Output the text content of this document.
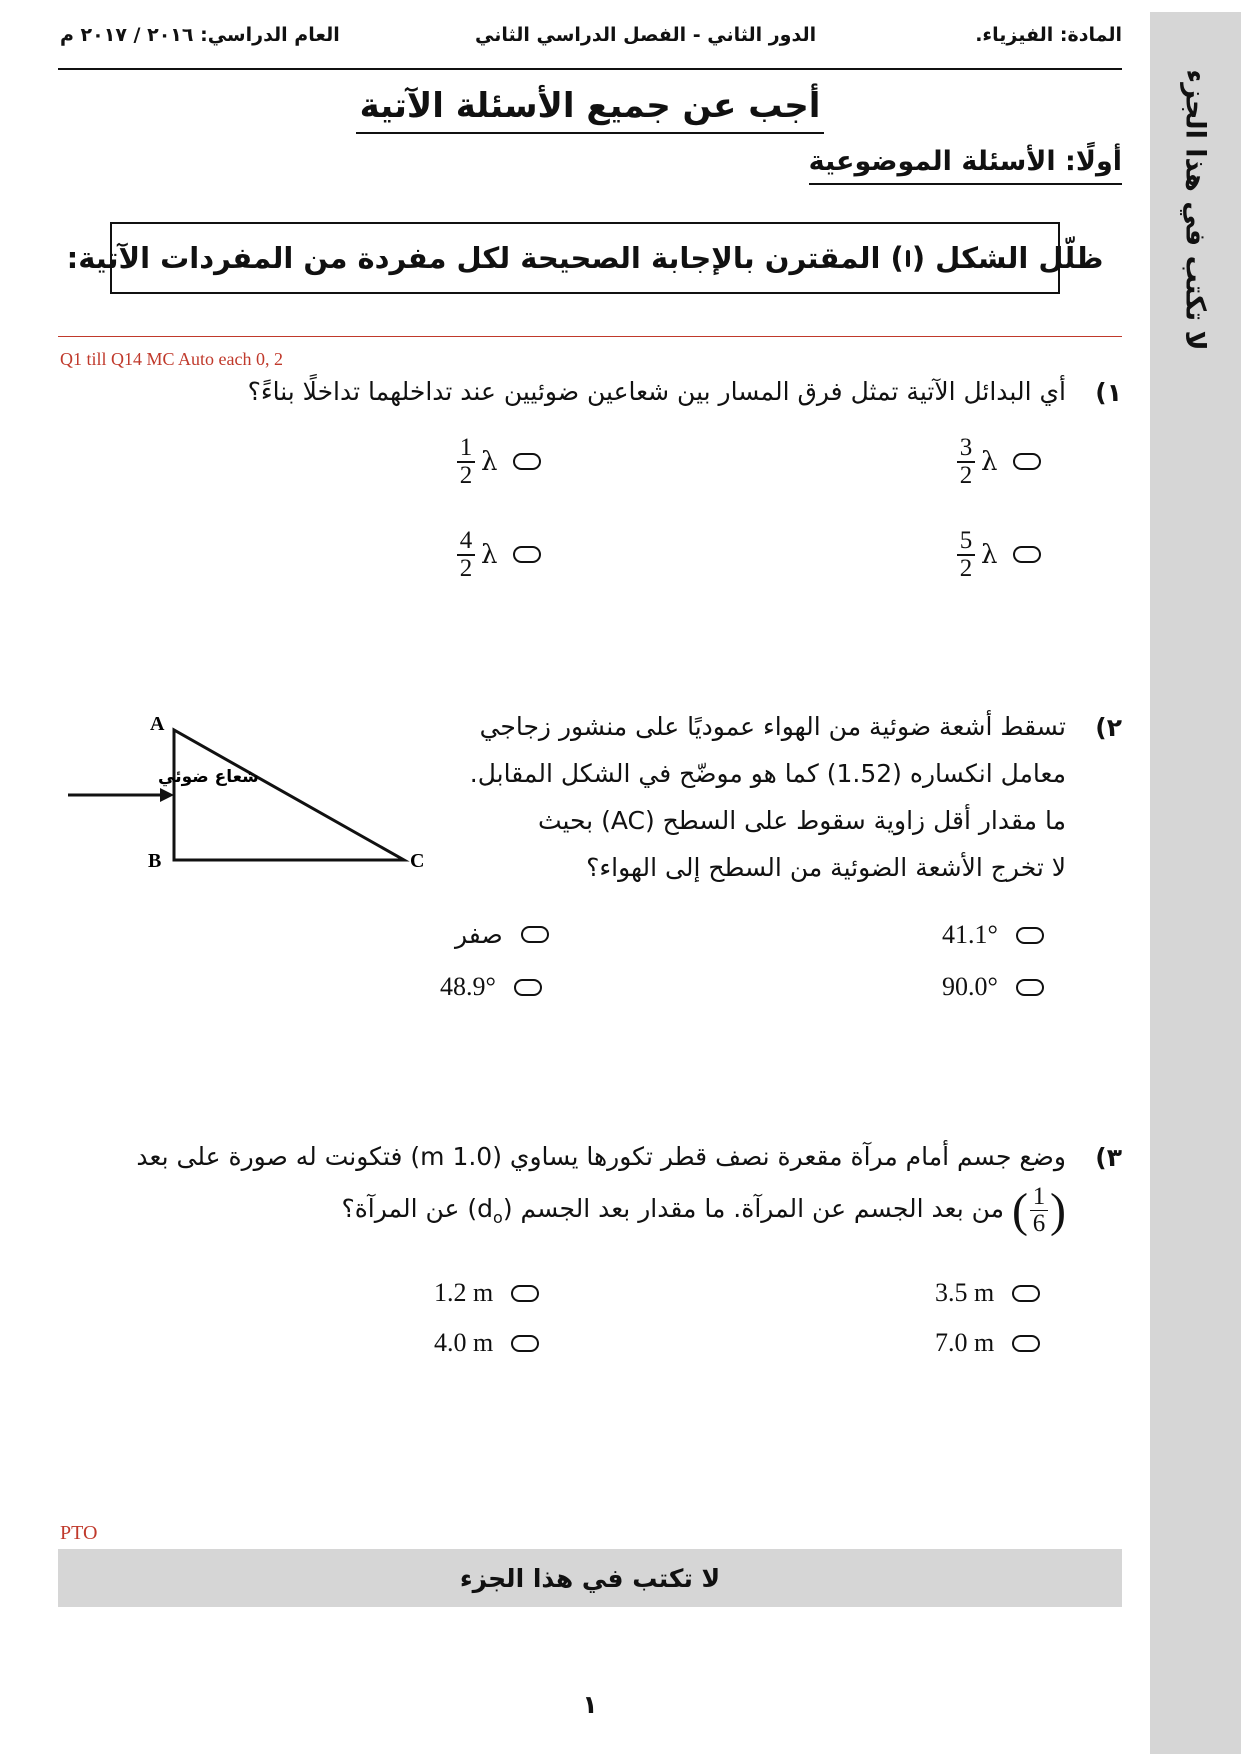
لا تكتب في هذا الجزء
المادة: الفيزياء.
الدور الثاني - الفصل الدراسي الثاني
العام الدراسي: ٢٠١٦ / ٢٠١٧ م
أجب عن جميع الأسئلة الآتية
أولًا: الأسئلة الموضوعية
ظلّل الشكل (
) المقترن بالإجابة الصحيحة لكل مفردة من المفردات الآتية:
Q1 till Q14 MC Auto each 0, 2
١)
أي البدائل الآتية تمثل فرق المسار بين شعاعين ضوئيين عند تداخلهما تداخلًا بناءً؟
$\frac{3}{2}$ λ
$\frac{1}{2}$ λ
$\frac{5}{2}$ λ
$\frac{4}{2}$ λ
٢)
تسقط أشعة ضوئية من الهواء عموديًا على منشور زجاجي
معامل انكساره (1.52) كما هو موضّح في الشكل المقابل.
ما مقدار أقل زاوية سقوط على السطح (AC) بحيث
لا تخرج الأشعة الضوئية من السطح إلى الهواء؟
A
B	C
شعاع ضوئي
41.1°
صفر
90.0°
48.9°
٣)
وضع جسم أمام مرآة مقعرة نصف قطر تكورها يساوي (1.0 m) فتكونت له صورة على بعد
( $\frac{1}{6}$ )
من بعد الجسم عن المرآة. ما مقدار بعد الجسم $(d_o)$ عن المرآة؟
3.5 m
1.2 m
7.0 m
4.0 m
PTO
لا تكتب في هذا الجزء
١
